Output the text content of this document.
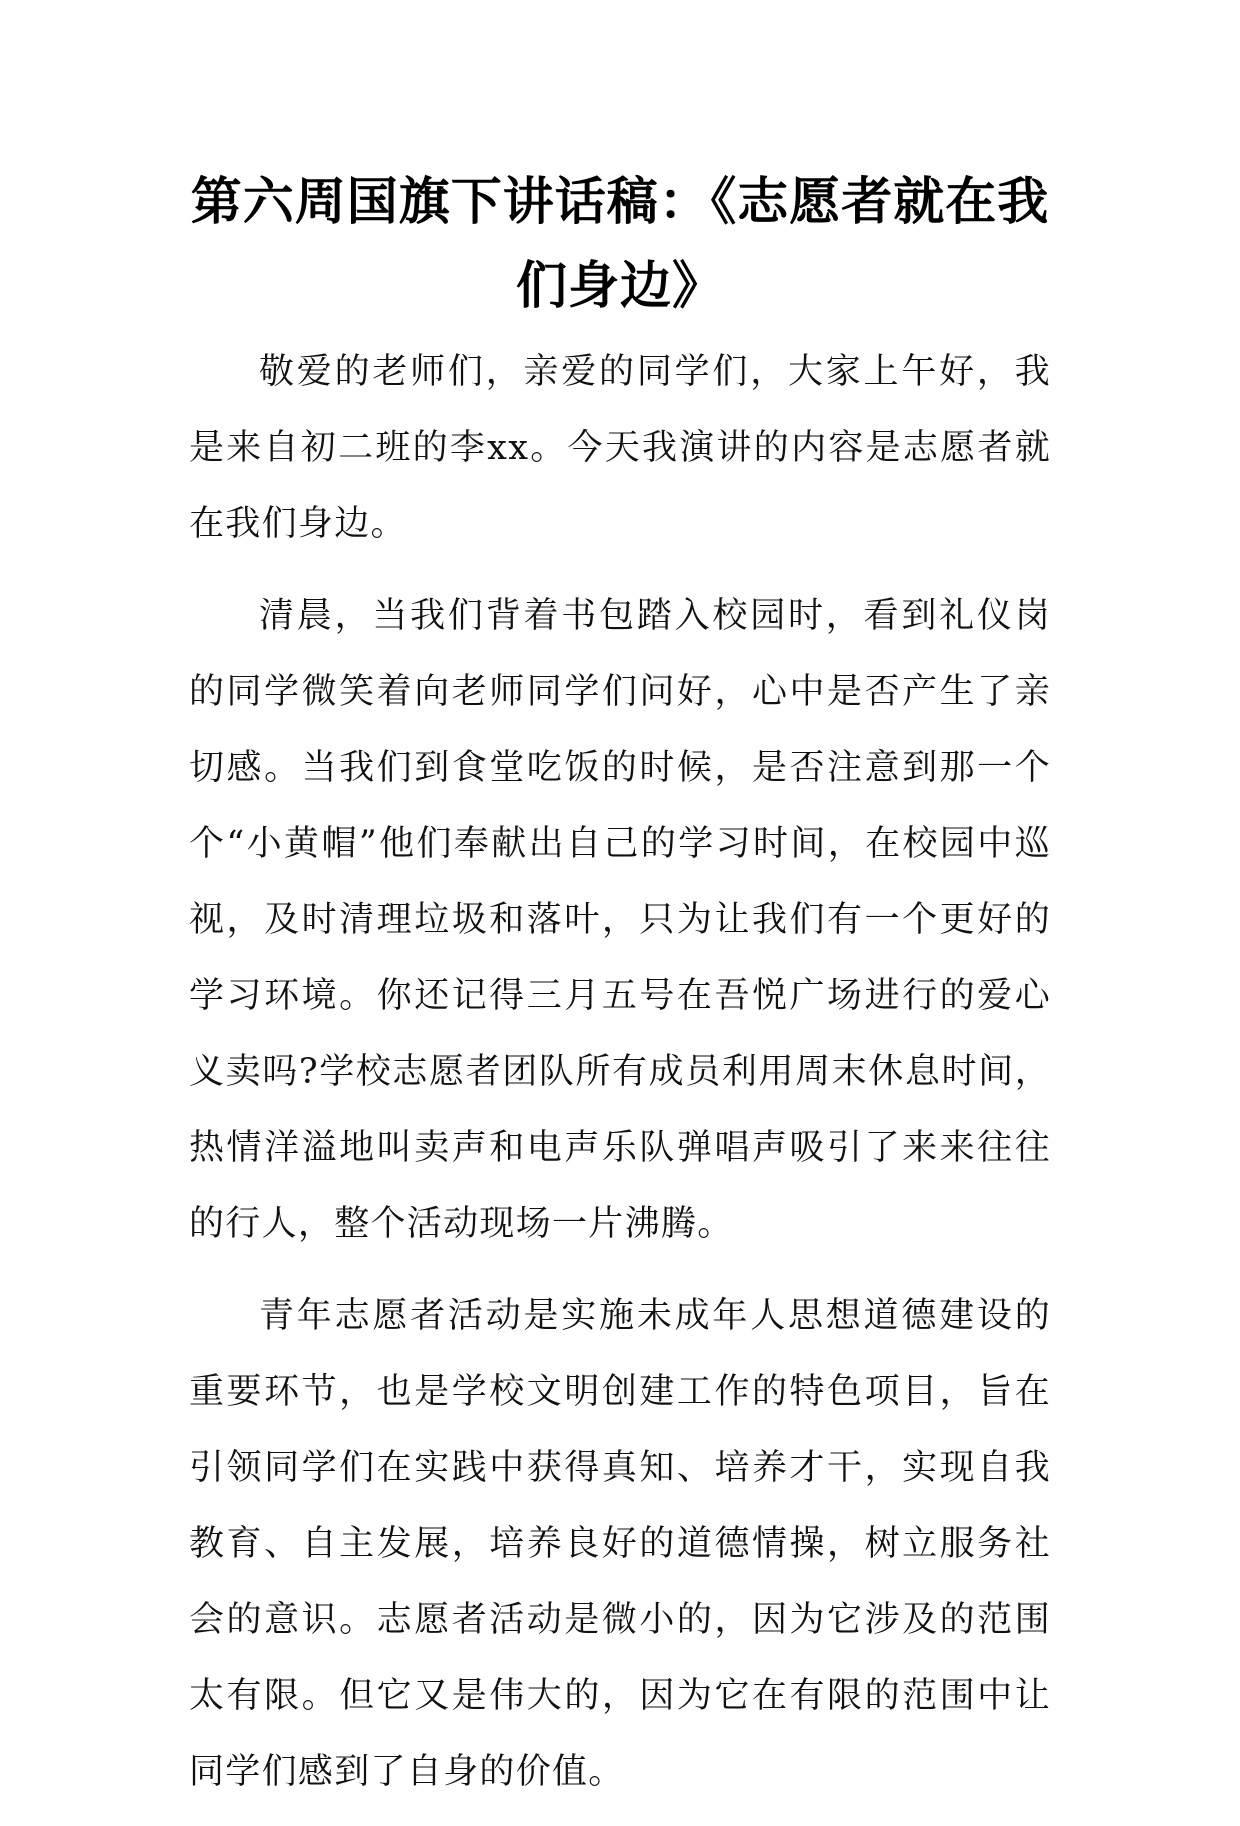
第六周国旗下讲话稿：《志愿者就在我们身边》

敬爱的老师们，亲爱的同学们，大家上午好，我是来自初二班的李xx。今天我演讲的内容是志愿者就在我们身边。

清晨，当我们背着书包踏入校园时，看到礼仪岗的同学微笑着向老师同学们问好，心中是否产生了亲切感。当我们到食堂吃饭的时候，是否注意到那一个个“小黄帽”他们奉献出自己的学习时间，在校园中巡视，及时清理垃圾和落叶，只为让我们有一个更好的学习环境。你还记得三月五号在吾悦广场进行的爱心义卖吗?学校志愿者团队所有成员利用周末休息时间，热情洋溢地叫卖声和电声乐队弹唱声吸引了来来往往的行人，整个活动现场一片沸腾。

青年志愿者活动是实施未成年人思想道德建设的重要环节，也是学校文明创建工作的特色项目，旨在引领同学们在实践中获得真知、培养才干，实现自我教育、自主发展，培养良好的道德情操，树立服务社会的意识。志愿者活动是微小的，因为它涉及的范围太有限。但它又是伟大的，因为它在有限的范围中让同学们感到了自身的价值。
